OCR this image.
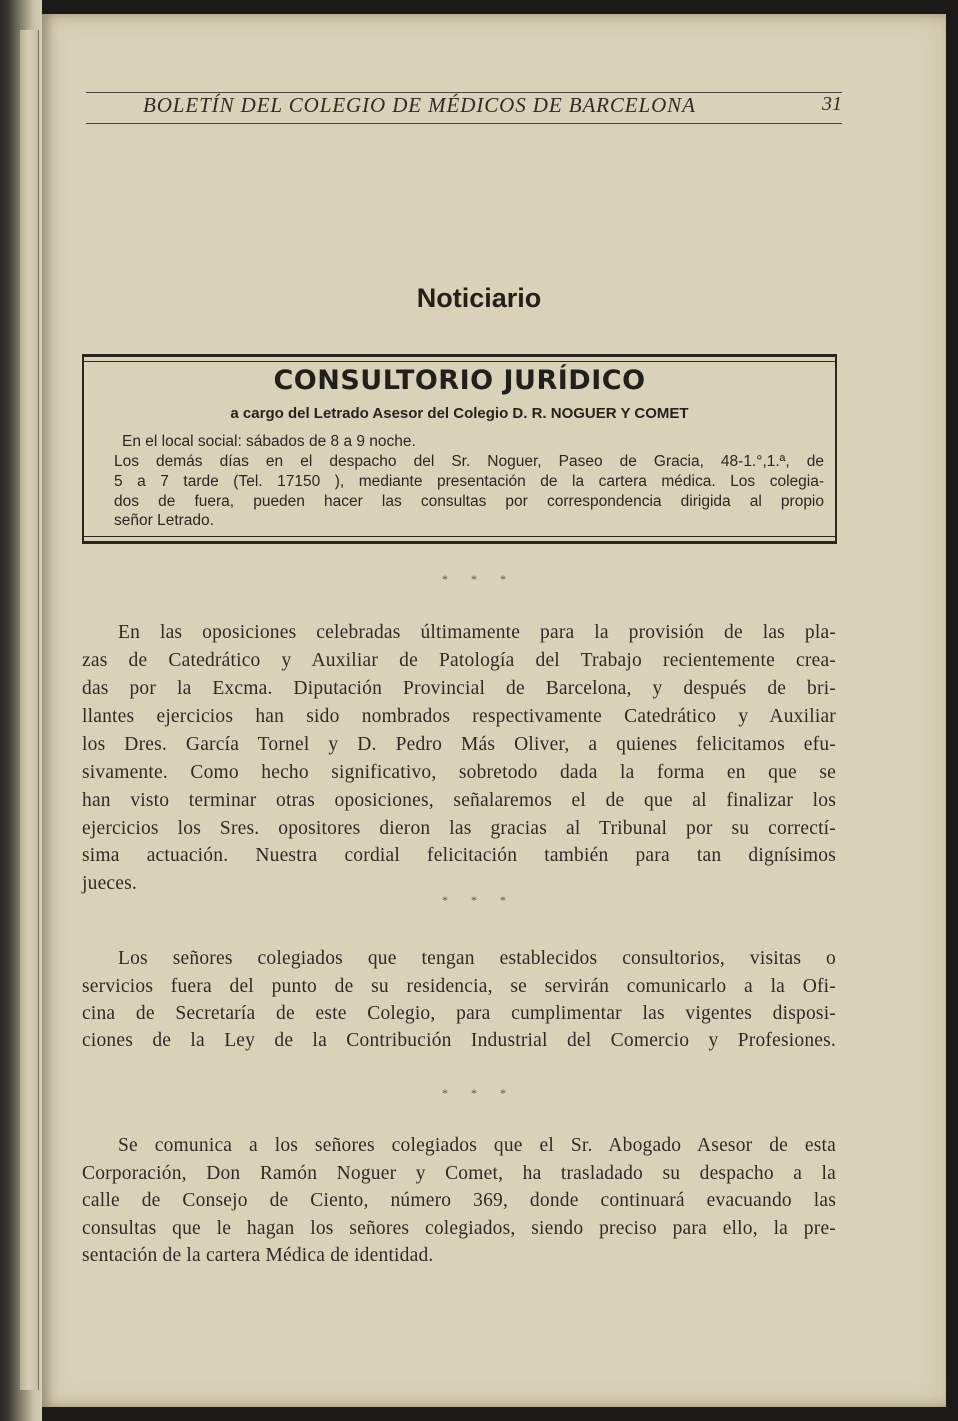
BOLETÍN DEL COLEGIO DE MÉDICOS DE BARCELONA	31
Noticiario
CONSULTORIO JURÍDICO
a cargo del Letrado Asesor del Colegio D. R. NOGUER Y COMET
En el local social: sábados de 8 a 9 noche.
Los demás días en el despacho del Sr. Noguer, Paseo de Gracia, 48-1.°,1.ª, de
5 a 7 tarde (Tel. 17150 ), mediante presentación de la cartera médica. Los colegia-
dos de fuera, pueden hacer las consultas por correspondencia dirigida al propio
señor Letrado.
* * *
En las oposiciones celebradas últimamente para la provisión de las pla-
zas de Catedrático y Auxiliar de Patología del Trabajo recientemente crea-
das por la Excma. Diputación Provincial de Barcelona, y después de bri-
llantes ejercicios han sido nombrados respectivamente Catedrático y Auxiliar
los Dres. García Tornel y D. Pedro Más Oliver, a quienes felicitamos efu-
sivamente. Como hecho significativo, sobretodo dada la forma en que se
han visto terminar otras oposiciones, señalaremos el de que al finalizar los
ejercicios los Sres. opositores dieron las gracias al Tribunal por su correctí-
sima actuación. Nuestra cordial felicitación también para tan dignísimos
jueces.
* * *
Los señores colegiados que tengan establecidos consultorios, visitas o
servicios fuera del punto de su residencia, se servirán comunicarlo a la Ofi-
cina de Secretaría de este Colegio, para cumplimentar las vigentes disposi-
ciones de la Ley de la Contribución Industrial del Comercio y Profesiones.
* * *
Se comunica a los señores colegiados que el Sr. Abogado Asesor de esta
Corporación, Don Ramón Noguer y Comet, ha trasladado su despacho a la
calle de Consejo de Ciento, número 369, donde continuará evacuando las
consultas que le hagan los señores colegiados, siendo preciso para ello, la pre-
sentación de la cartera Médica de identidad.
